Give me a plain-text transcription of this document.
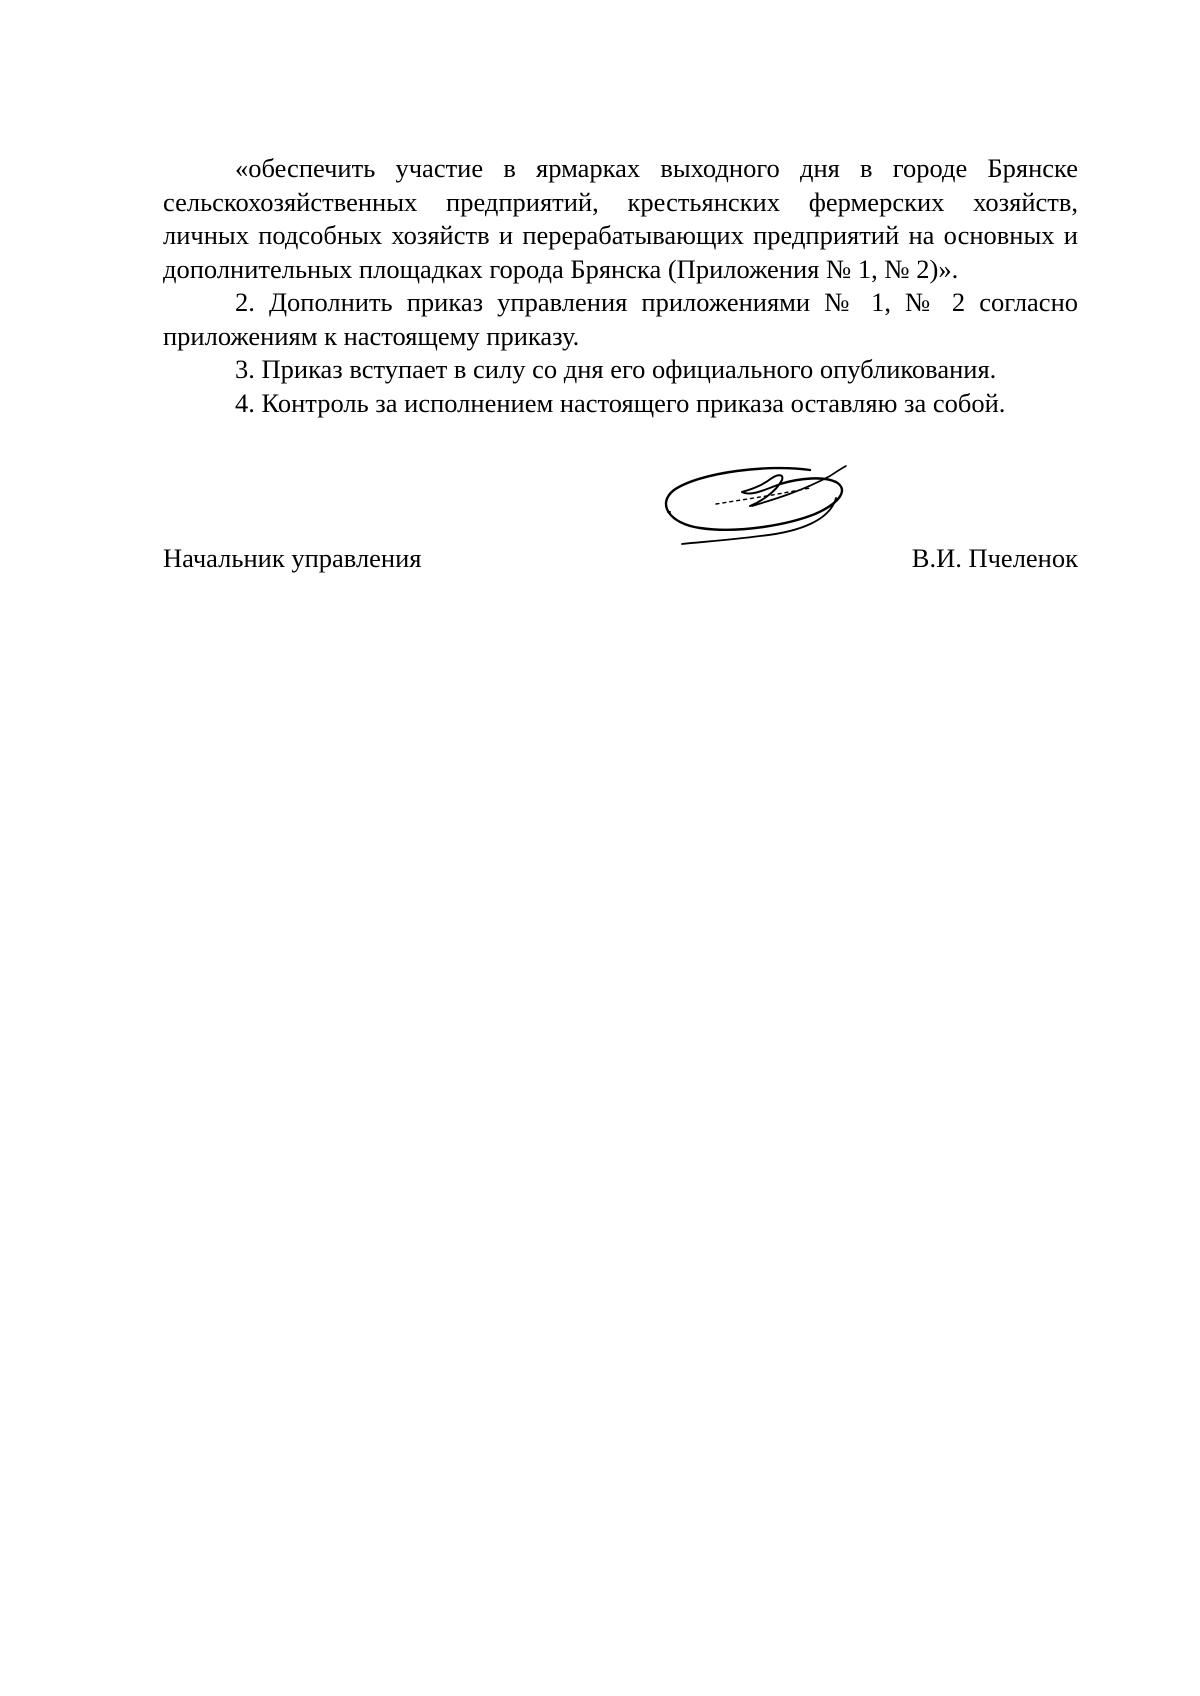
«обеспечить участие в ярмарках выходного дня в городе Брянске сельскохозяйственных предприятий, крестьянских фермерских хозяйств, личных подсобных хозяйств и перерабатывающих предприятий на основных и дополнительных площадках города Брянска (Приложения № 1, № 2)».

2. Дополнить приказ управления приложениями № 1, № 2 согласно приложениям к настоящему приказу.

3. Приказ вступает в силу со дня его официального опубликования.

4. Контроль за исполнением настоящего приказа оставляю за собой.

Начальник управления	В.И. Пчеленок
